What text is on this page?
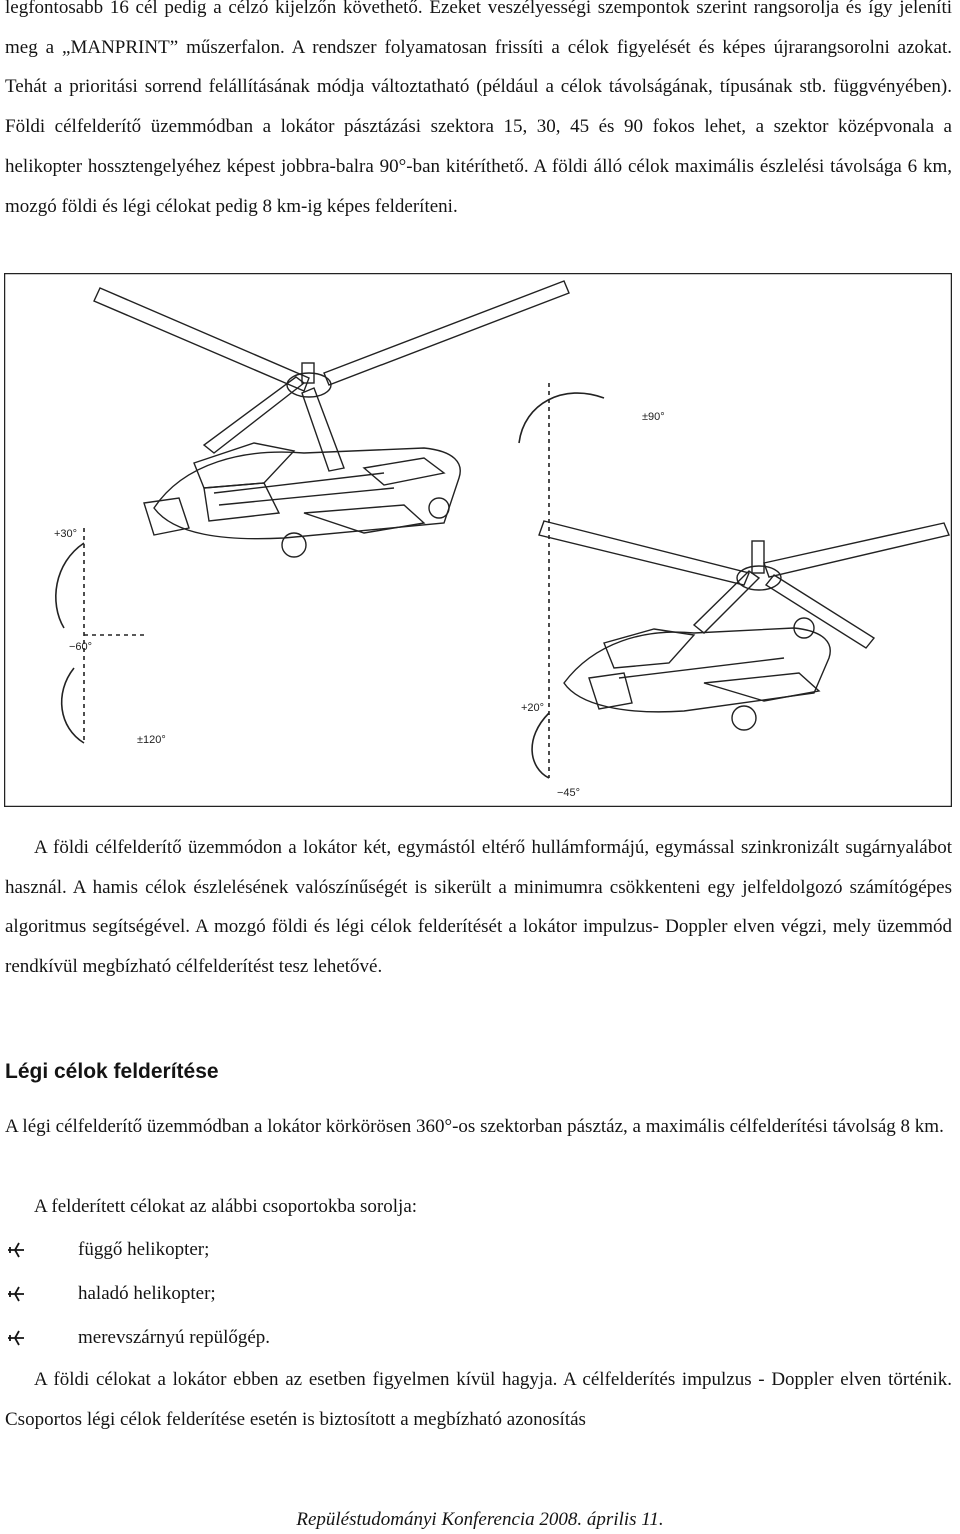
legfontosabb 16 cél pedig a célzó kijelzőn követhető. Ezeket veszélyességi szempontok szerint rangsorolja és így jeleníti meg a „MANPRINT” műszerfalon. A rendszer folyamatosan frissíti a célok figyelését és képes újrarangsorolni azokat. Tehát a prioritási sorrend felállításának módja változtatható (például a célok távolságának, típusának stb. függvényében). Földi célfelderítő üzemmódban a lokátor pásztázási szektora 15, 30, 45 és 90 fokos lehet, a szektor középvonala a helikopter hossztengelyéhez képest jobbra-balra 90°-ban kitéríthető. A földi álló célok maximális észlelési távolsága 6 km, mozgó földi és légi célokat pedig 8 km-ig képes felderíteni.

+30°
−60°
±120°
±90°
+20°
−45°

A földi célfelderítő üzemmódon a lokátor két, egymástól eltérő hullámformájú, egymással szinkronizált sugárnyalábot használ. A hamis célok észlelésének valószínűségét is sikerült a minimumra csökkenteni egy jelfeldolgozó számítógépes algoritmus segítségével. A mozgó földi és légi célok felderítését a lokátor impulzus- Doppler elven végzi, mely üzemmód rendkívül megbízható célfelderítést tesz lehetővé.

Légi célok felderítése

A légi célfelderítő üzemmódban a lokátor körkörösen 360°-os szektorban pásztáz, a maximális célfelderítési távolság 8 km.

A felderített célokat az alábbi csoportokba sorolja:

függő helikopter;
haladó helikopter;
merevszárnyú repülőgép.

A földi célokat a lokátor ebben az esetben figyelmen kívül hagyja. A célfelderítés impulzus - Doppler elven történik. Csoportos légi célok felderítése esetén is biztosított a megbízható azonosítás

Repüléstudományi Konferencia 2008. április 11.
